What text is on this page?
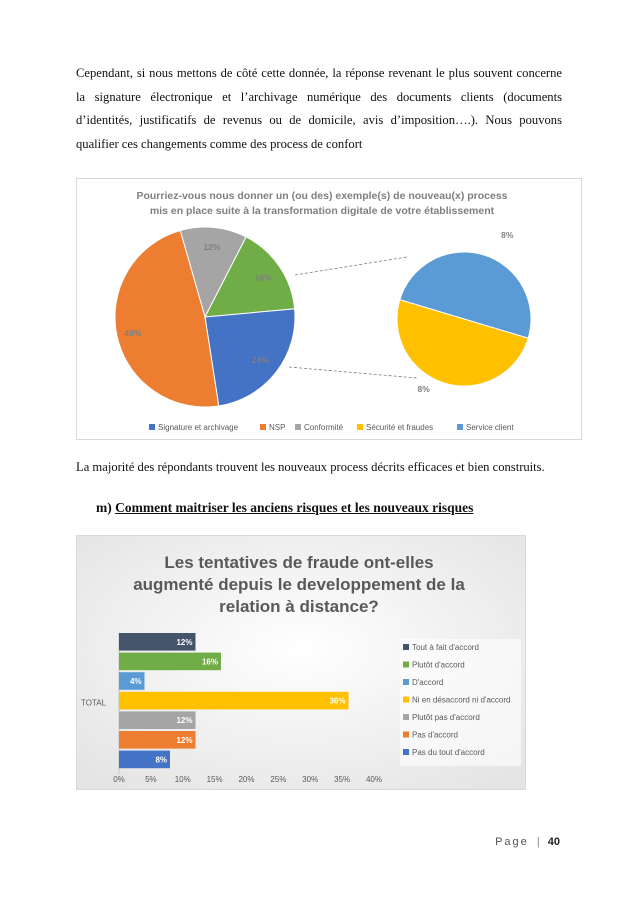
Cependant, si nous mettons de côté cette donnée, la réponse revenant le plus souvent concerne la signature électronique et l’archivage numérique des documents clients (documents d’identités, justificatifs de revenus ou de domicile, avis d’imposition….). Nous pouvons qualifier ces changements comme des process de confort

Pourriez-vous nous donner un (ou des) exemple(s) de nouveau(x) process
mis en place suite à la transformation digitale de votre établissement
12%
16%
24%
48%
8%
8%
Signature et archivage	NSP Conformité	Sécurité et fraudes	Service client

La majorité des répondants trouvent les nouveaux process décrits efficaces et bien construits.

m) Comment maitriser les anciens risques et les nouveaux risques
Les tentatives de fraude ont-elles
augmenté depuis le developpement de la
relation à distance?
0%	5% 10% 15% 20% 25% 30% 35% 40%
TOTAL
12%
16%
4%
36%
12%
12%
8%
Tout à fait d'accord
Plutôt d'accord
D'accord
Ni en désaccord ni d'accord
Plutôt pas d'accord
Pas d'accord
Pas du tout d'accord
Page | 40
